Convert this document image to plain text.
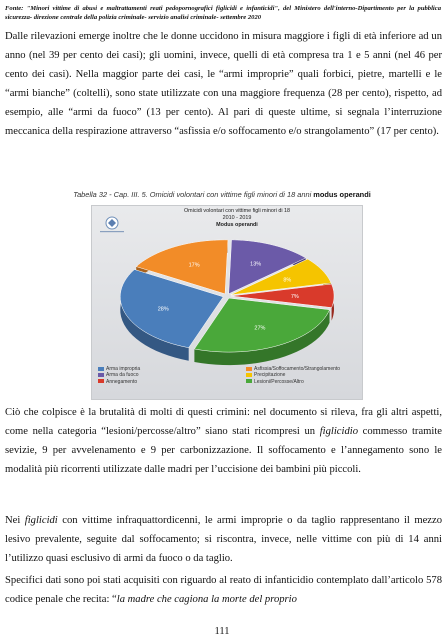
Fonte: "Minori vittime di abusi e maltrattamenti reati pedopornografici figlicidi e infanticidi", del Ministero dell'interno-Dipartimento per la pubblica sicurezza- direzione centrale della polizia criminale- servizio analisi criminale- settembre 2020

Dalle rilevazioni emerge inoltre che le donne uccidono in misura maggiore i figli di età inferiore ad un anno (nel 39 per cento dei casi); gli uomini, invece, quelli di età compresa tra 1 e 5 anni (nel 46 per cento dei casi). Nella maggior parte dei casi, le “armi improprie” quali forbici, pietre, martelli e le “armi bianche” (coltelli), sono state utilizzate con una maggiore frequenza (28 per cento), rispetto, ad esempio, alle “armi da fuoco” (13 per cento). Al pari di queste ultime, si segnala l’interruzione meccanica della respirazione attraverso “asfissia e/o soffocamento e/o strangolamento” (17 per cento).

Tabella 32 - Cap. III. 5. Omicidi volontari con vittime figli minori di 18 anni modus operandi
Omicidi volontari con vittime figli minori di 18
2010 - 2019
Modus operandi
28%
17%	13%
8%
7%
27%
Arma impropria	Asfissia/Soffocamento/Strangolamento
Arma da fuoco	Precipitazione
Annegamento	Lesioni/Percosse/Altro

Ciò che colpisce è la brutalità di molti di questi crimini: nel documento si rileva, fra gli altri aspetti, come nella categoria “lesioni/percosse/altro” siano stati ricompresi un figlicidio commesso tramite sevizie, 9 per avvelenamento e 9 per carbonizzazione. Il soffocamento e l’annegamento sono le modalità più ricorrenti utilizzate dalle madri per l’uccisione dei bambini più piccoli.

Nei figlicidi con vittime infraquattordicenni, le armi improprie o da taglio rappresentano il mezzo lesivo prevalente, seguite dal soffocamento; si riscontra, invece, nelle vittime con più di 14 anni l’utilizzo quasi esclusivo di armi da fuoco o da taglio.

Specifici dati sono poi stati acquisiti con riguardo al reato di infanticidio contemplato dall’articolo 578 codice penale che recita: “la madre che cagiona la morte del proprio

111
